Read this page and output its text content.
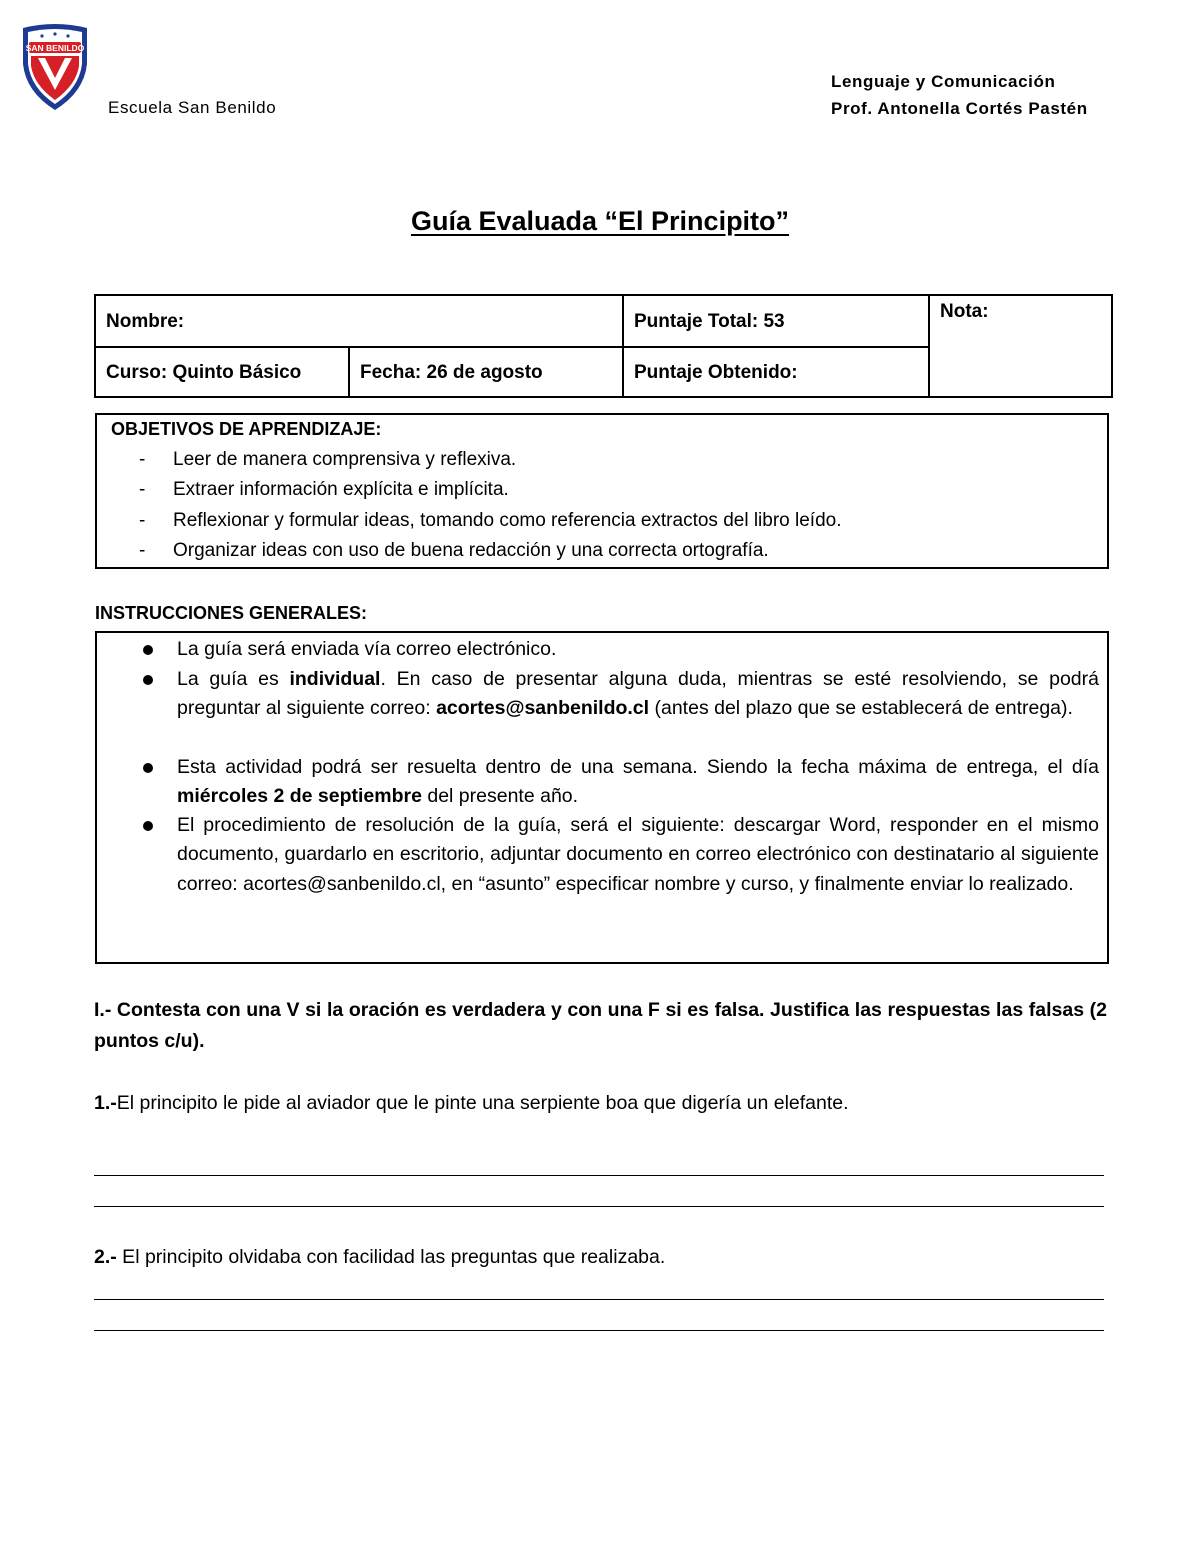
SAN BENILDO
Escuela San Benildo
Lenguaje y Comunicación
Prof. Antonella Cortés Pastén
Guía Evaluada “El Principito”
Nombre:	Puntaje Total: 53	Nota:
Curso: Quinto Básico	Fecha: 26 de agosto	Puntaje Obtenido:
OBJETIVOS DE APRENDIZAJE:
- Leer de manera comprensiva y reflexiva.
- Extraer información explícita e implícita.
- Reflexionar y formular ideas, tomando como referencia extractos del libro leído.
- Organizar ideas con uso de buena redacción y una correcta ortografía.
INSTRUCCIONES GENERALES:
La guía será enviada vía correo electrónico.
La guía es individual. En caso de presentar alguna duda, mientras se esté resolviendo, se podrá preguntar al siguiente correo: acortes@sanbenildo.cl (antes del plazo que se establecerá de entrega).
Esta actividad podrá ser resuelta dentro de una semana. Siendo la fecha máxima de entrega, el día miércoles 2 de septiembre del presente año.
El procedimiento de resolución de la guía, será el siguiente: descargar Word, responder en el mismo documento, guardarlo en escritorio, adjuntar documento en correo electrónico con destinatario al siguiente correo: acortes@sanbenildo.cl, en “asunto” especificar nombre y curso, y finalmente enviar lo realizado.
I.- Contesta con una V si la oración es verdadera y con una F si es falsa. Justifica las respuestas las falsas (2 puntos c/u).
1.-El principito le pide al aviador que le pinte una serpiente boa que digería un elefante.
2.- El principito olvidaba con facilidad las preguntas que realizaba.
